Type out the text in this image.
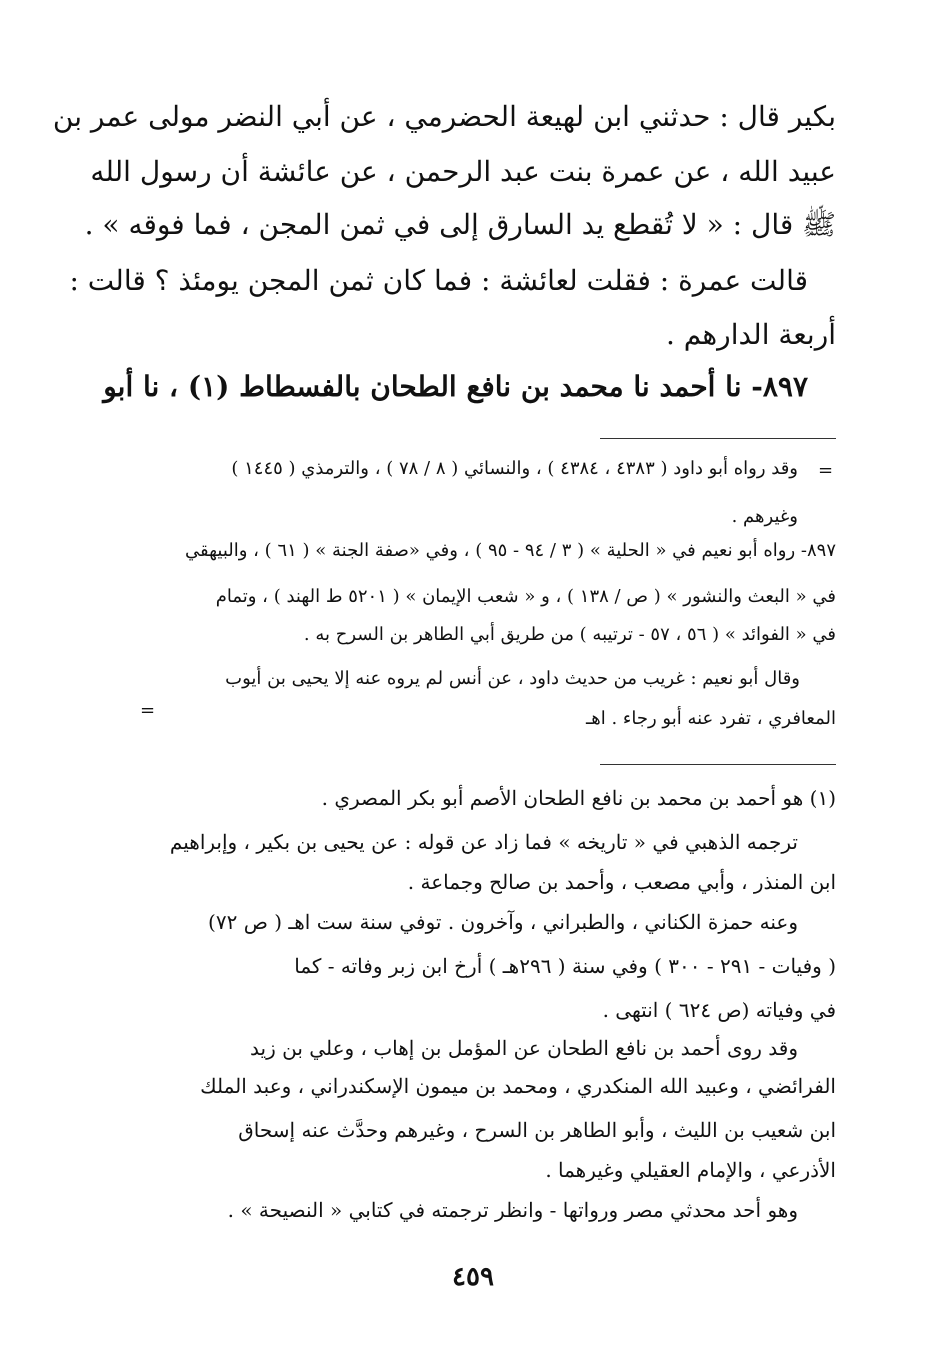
بكير قال : حدثني ابن لهيعة الحضرمي ، عن أبي النضر مولى عمر بن
عبيد الله ، عن عمرة بنت عبد الرحمن ، عن عائشة أن رسول الله
ﷺ قال : « لا تُقطع يد السارق إلى في ثمن المجن ، فما فوقه » .
قالت عمرة : فقلت لعائشة : فما كان ثمن المجن يومئذ ؟ قالت :
أربعة الدارهم .
٨٩٧- نا أحمد نا محمد بن نافع الطحان بالفسطاط (١) ، نا أبو
=
=
وقد رواه أبو داود ( ٤٣٨٣ ، ٤٣٨٤ ) ، والنسائي ( ٨ / ٧٨ ) ، والترمذي ( ١٤٤٥ )
وغيرهم .
٨٩٧- رواه أبو نعيم في « الحلية » ( ٣ / ٩٤ - ٩٥ ) ، وفي «صفة الجنة » ( ٦١ ) ، والبيهقي
في « البعث والنشور » ( ص / ١٣٨ ) ، و « شعب الإيمان » ( ٥٢٠١ ط الهند ) ، وتمام
في « الفوائد » ( ٥٦ ، ٥٧ - ترتيبه ) من طريق أبي الطاهر بن السرح به .
وقال أبو نعيم : غريب من حديث داود ، عن أنس لم يروه عنه إلا يحيى بن أيوب
المعافري ، تفرد عنه أبو رجاء . اهـ
(١) هو أحمد بن محمد بن نافع الطحان الأصم أبو بكر المصري .
ترجمه الذهبي في « تاريخه » فما زاد عن قوله : عن يحيى بن بكير ، وإبراهيم
ابن المنذر ، وأبي مصعب ، وأحمد بن صالح وجماعة .
وعنه حمزة الكناني ، والطبراني ، وآخرون . توفي سنة ست اهـ ( ص ٧٢)
( وفيات - ٢٩١ - ٣٠٠ ) وفي سنة ( ٢٩٦هـ ) أرخ ابن زبر وفاته - كما
في وفياته (ص ٦٢٤ ) انتهى .
وقد روى أحمد بن نافع الطحان عن المؤمل بن إهاب ، وعلي بن زيد
الفرائضي ، وعبيد الله المنكدري ، ومحمد بن ميمون الإسكندراني ، وعبد الملك
ابن شعيب بن الليث ، وأبو الطاهر بن السرح ، وغيرهم وحدَّث عنه إسحاق
الأذرعي ، والإمام العقيلي وغيرهما .
وهو أحد محدثي مصر ورواتها - وانظر ترجمته في كتابي « النصيحة » .
٤٥٩
